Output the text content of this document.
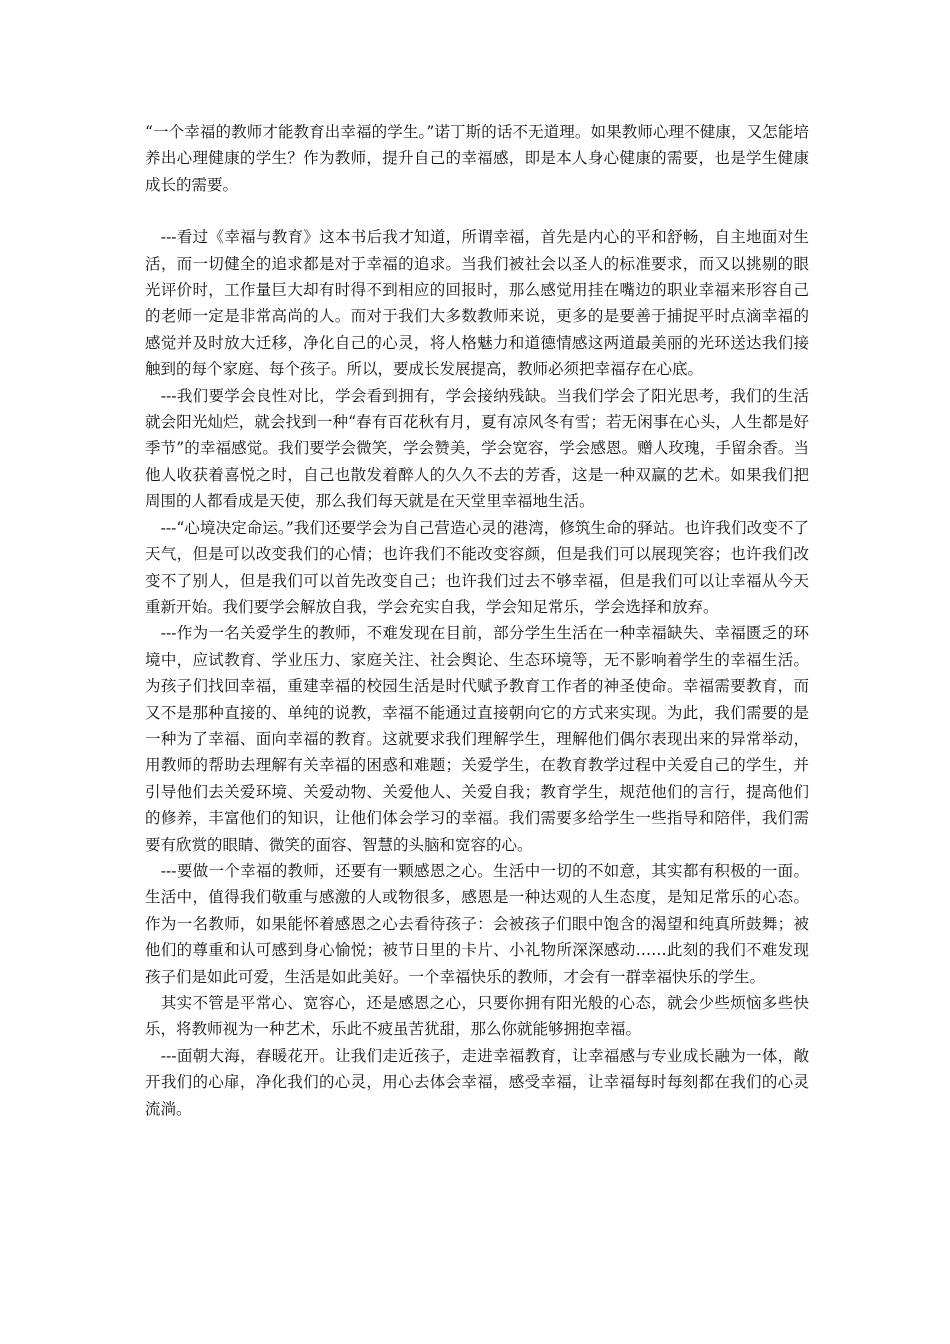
“一个幸福的教师才能教育出幸福的学生。”诺丁斯的话不无道理。如果教师心理不健康，又怎能培养出心理健康的学生？作为教师，提升自己的幸福感，即是本人身心健康的需要，也是学生健康成长的需要。

　---看过《幸福与教育》这本书后我才知道，所谓幸福，首先是内心的平和舒畅，自主地面对生活，而一切健全的追求都是对于幸福的追求。当我们被社会以圣人的标准要求，而又以挑剔的眼光评价时，工作量巨大却有时得不到相应的回报时，那么感觉用挂在嘴边的职业幸福来形容自己的老师一定是非常高尚的人。而对于我们大多数教师来说，更多的是要善于捕捉平时点滴幸福的感觉并及时放大迁移，净化自己的心灵，将人格魅力和道德情感这两道最美丽的光环送达我们接触到的每个家庭、每个孩子。所以，要成长发展提高，教师必须把幸福存在心底。

　---我们要学会良性对比，学会看到拥有，学会接纳残缺。当我们学会了阳光思考，我们的生活就会阳光灿烂，就会找到一种“春有百花秋有月，夏有凉风冬有雪；若无闲事在心头，人生都是好季节”的幸福感觉。我们要学会微笑，学会赞美，学会宽容，学会感恩。赠人玫瑰，手留余香。当他人收获着喜悦之时，自己也散发着醉人的久久不去的芳香，这是一种双赢的艺术。如果我们把周围的人都看成是天使，那么我们每天就是在天堂里幸福地生活。

　---“心境决定命运。”我们还要学会为自己营造心灵的港湾，修筑生命的驿站。也许我们改变不了天气，但是可以改变我们的心情；也许我们不能改变容颜，但是我们可以展现笑容；也许我们改变不了别人，但是我们可以首先改变自己；也许我们过去不够幸福，但是我们可以让幸福从今天重新开始。我们要学会解放自我，学会充实自我，学会知足常乐，学会选择和放弃。

　---作为一名关爱学生的教师，不难发现在目前，部分学生生活在一种幸福缺失、幸福匮乏的环境中，应试教育、学业压力、家庭关注、社会舆论、生态环境等，无不影响着学生的幸福生活。为孩子们找回幸福，重建幸福的校园生活是时代赋予教育工作者的神圣使命。幸福需要教育，而又不是那种直接的、单纯的说教，幸福不能通过直接朝向它的方式来实现。为此，我们需要的是一种为了幸福、面向幸福的教育。这就要求我们理解学生，理解他们偶尔表现出来的异常举动，用教师的帮助去理解有关幸福的困惑和难题；关爱学生，在教育教学过程中关爱自己的学生，并引导他们去关爱环境、关爱动物、关爱他人、关爱自我；教育学生，规范他们的言行，提高他们的修养，丰富他们的知识，让他们体会学习的幸福。我们需要多给学生一些指导和陪伴，我们需要有欣赏的眼睛、微笑的面容、智慧的头脑和宽容的心。

　---要做一个幸福的教师，还要有一颗感恩之心。生活中一切的不如意，其实都有积极的一面。生活中，值得我们敬重与感激的人或物很多，感恩是一种达观的人生态度，是知足常乐的心态。作为一名教师，如果能怀着感恩之心去看待孩子：会被孩子们眼中饱含的渴望和纯真所鼓舞；被他们的尊重和认可感到身心愉悦；被节日里的卡片、小礼物所深深感动……此刻的我们不难发现孩子们是如此可爱，生活是如此美好。一个幸福快乐的教师，才会有一群幸福快乐的学生。

　其实不管是平常心、宽容心，还是感恩之心，只要你拥有阳光般的心态，就会少些烦恼多些快乐，将教师视为一种艺术，乐此不疲虽苦犹甜，那么你就能够拥抱幸福。

　---面朝大海，春暖花开。让我们走近孩子，走进幸福教育，让幸福感与专业成长融为一体，敞开我们的心扉，净化我们的心灵，用心去体会幸福，感受幸福，让幸福每时每刻都在我们的心灵流淌。
